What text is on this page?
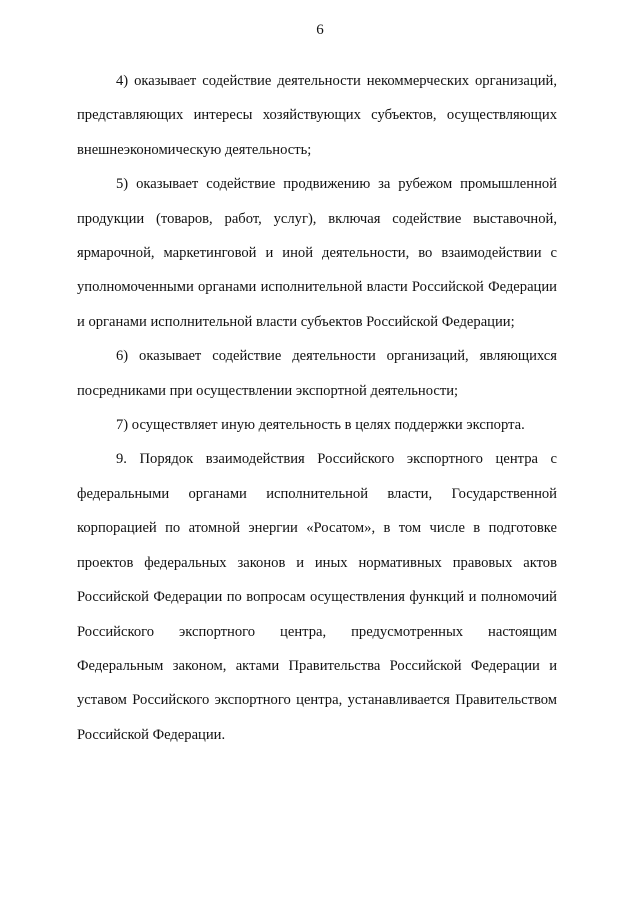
6

4) оказывает содействие деятельности некоммерческих организаций, представляющих интересы хозяйствующих субъектов, осуществляющих внешнеэкономическую деятельность;

5) оказывает содействие продвижению за рубежом промышленной продукции (товаров, работ, услуг), включая содействие выставочной, ярмарочной, маркетинговой и иной деятельности, во взаимодействии с уполномоченными органами исполнительной власти Российской Федерации и органами исполнительной власти субъектов Российской Федерации;

6) оказывает содействие деятельности организаций, являющихся посредниками при осуществлении экспортной деятельности;

7) осуществляет иную деятельность в целях поддержки экспорта.

9. Порядок взаимодействия Российского экспортного центра с федеральными органами исполнительной власти, Государственной корпорацией по атомной энергии «Росатом», в том числе в подготовке проектов федеральных законов и иных нормативных правовых актов Российской Федерации по вопросам осуществления функций и полномочий Российского экспортного центра, предусмотренных настоящим Федеральным законом, актами Правительства Российской Федерации и уставом Российского экспортного центра, устанавливается Правительством Российской Федерации.
